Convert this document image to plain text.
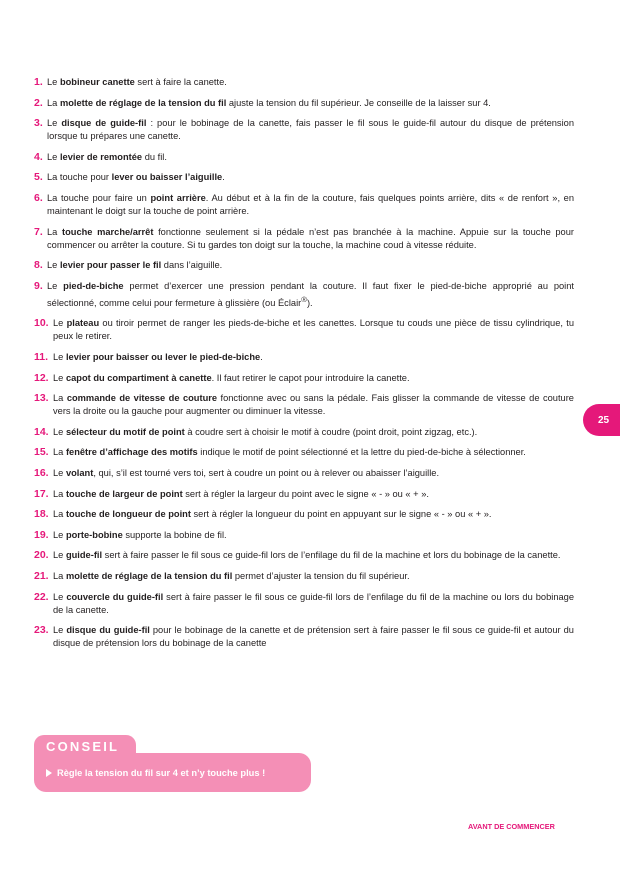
1. Le bobineur canette sert à faire la canette.
2. La molette de réglage de la tension du fil ajuste la tension du fil supérieur. Je conseille de la laisser sur 4.
3. Le disque de guide-fil : pour le bobinage de la canette, fais passer le fil sous le guide-fil autour du disque de prétension lorsque tu prépares une canette.
4. Le levier de remontée du fil.
5. La touche pour lever ou baisser l’aiguille.
6. La touche pour faire un point arrière. Au début et à la fin de la couture, fais quelques points arrière, dits « de renfort », en maintenant le doigt sur la touche de point arrière.
7. La touche marche/arrêt fonctionne seulement si la pédale n’est pas branchée à la machine. Appuie sur la touche pour commencer ou arrêter la couture. Si tu gardes ton doigt sur la touche, la machine coud à vitesse réduite.
8. Le levier pour passer le fil dans l’aiguille.
9. Le pied-de-biche permet d’exercer une pression pendant la couture. Il faut fixer le pied-de-biche approprié au point sélectionné, comme celui pour fermeture à glissière (ou Éclair®).
10. Le plateau ou tiroir permet de ranger les pieds-de-biche et les canettes. Lorsque tu couds une pièce de tissu cylindrique, tu peux le retirer.
11. Le levier pour baisser ou lever le pied-de-biche.
12. Le capot du compartiment à canette. Il faut retirer le capot pour introduire la canette.
13. La commande de vitesse de couture fonctionne avec ou sans la pédale. Fais glisser la commande de vitesse de couture vers la droite ou la gauche pour augmenter ou diminuer la vitesse.
14. Le sélecteur du motif de point à coudre sert à choisir le motif à coudre (point droit, point zigzag, etc.).
15. La fenêtre d’affichage des motifs indique le motif de point sélectionné et la lettre du pied-de-biche à sélectionner.
16. Le volant, qui, s’il est tourné vers toi, sert à coudre un point ou à relever ou abaisser l’aiguille.
17. La touche de largeur de point sert à régler la largeur du point avec le signe « - » ou « + ».
18. La touche de longueur de point sert à régler la longueur du point en appuyant sur le signe « - » ou « + ».
19. Le porte-bobine supporte la bobine de fil.
20. Le guide-fil sert à faire passer le fil sous ce guide-fil lors de l’enfilage du fil de la machine et lors du bobinage de la canette.
21. La molette de réglage de la tension du fil permet d’ajuster la tension du fil supérieur.
22. Le couvercle du guide-fil sert à faire passer le fil sous ce guide-fil lors de l’enfilage du fil de la machine ou lors du bobinage de la canette.
23. Le disque du guide-fil pour le bobinage de la canette et de prétension sert à faire passer le fil sous ce guide-fil et autour du disque de prétension lors du bobinage de la canette
25
CONSEIL
Règle la tension du fil sur 4 et n’y touche plus !
AVANT DE COMMENCER
